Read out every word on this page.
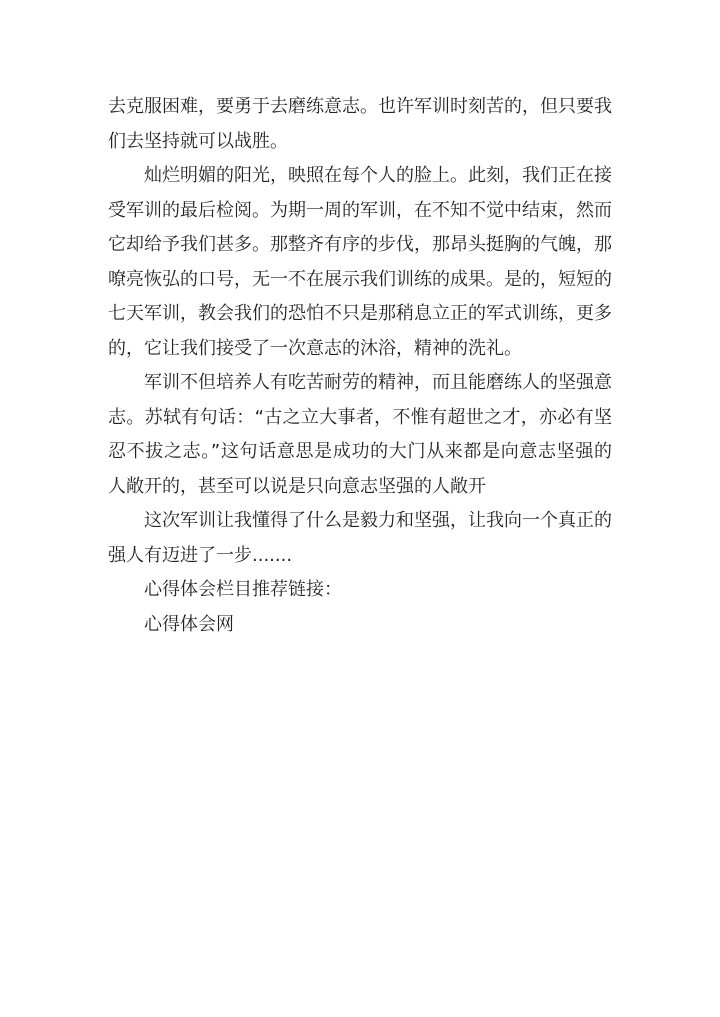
去克服困难，要勇于去磨练意志。也许军训时刻苦的，但只要我们去坚持就可以战胜。

灿烂明媚的阳光，映照在每个人的脸上。此刻，我们正在接受军训的最后检阅。为期一周的军训，在不知不觉中结束，然而它却给予我们甚多。那整齐有序的步伐，那昂头挺胸的气魄，那嘹亮恢弘的口号，无一不在展示我们训练的成果。是的，短短的七天军训，教会我们的恐怕不只是那稍息立正的军式训练，更多的，它让我们接受了一次意志的沐浴，精神的洗礼。

军训不但培养人有吃苦耐劳的精神，而且能磨练人的坚强意志。苏轼有句话：“古之立大事者，不惟有超世之才，亦必有坚忍不拔之志。”这句话意思是成功的大门从来都是向意志坚强的人敞开的，甚至可以说是只向意志坚强的人敞开

这次军训让我懂得了什么是毅力和坚强，让我向一个真正的强人有迈进了一步.......

心得体会栏目推荐链接：

心得体会网
